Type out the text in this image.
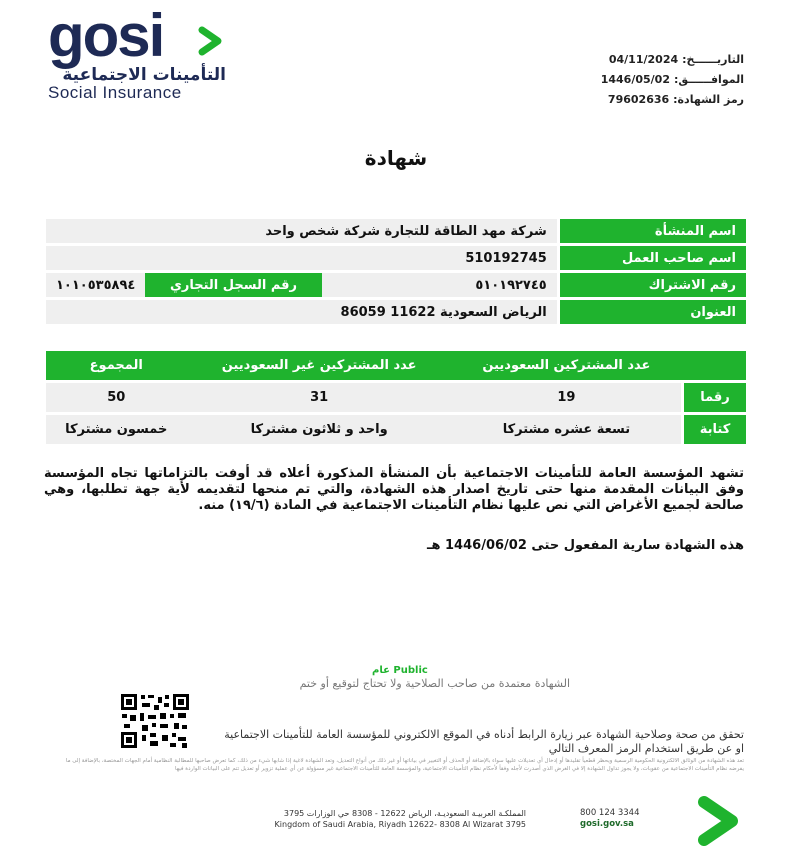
gosi
التأمينات الاجتماعية
Social Insurance
التاريــــــخ:
04/11/2024
الموافــــــق:
1446/05/02
رمز الشهادة:
79602636
شهادة
اسم المنشأة	شركة مهد الطاقة للتجارة شركة شخص واحد		
اسم صاحب العمل	510192745		
رقم الاشتراك	٥١٠١٩٢٧٤٥	رقم السجل التجاري	١٠١٠٥٣٥٨٩٤
العنوان	الرياض السعودية 11622 86059		
	عدد المشتركين السعوديين	عدد المشتركين غير السعوديين	المجموع
رقما	19	31	50
كتابة	تسعة عشره مشتركا	واحد و ثلاثون مشتركا	خمسون مشتركا
تشهد المؤسسة العامة للتأمينات الاجتماعية بأن المنشأة المذكورة أعلاه قد أوفت بالتزاماتها تجاه المؤسسة وفق البيانات المقدمة منها حتى تاريخ اصدار هذه الشهادة، والتي تم منحها لتقديمه لأية جهة تطلبها، وهي صالحة لجميع الأغراض التي نص عليها نظام التأمينات الاجتماعية في المادة (١٩/٦) منه.
هذه الشهادة سارية المفعول حتى 1446/06/02 هـ
Public عام
الشهادة معتمدة من صاحب الصلاحية ولا تحتاج لتوقيع أو ختم
تحقق من صحة وصلاحية الشهادة عبر زيارة الرابط أدناه في الموقع الالكتروني للمؤسسة العامة للتأمينات الاجتماعية او عن طريق استخدام الرمز المعرف التالي
تعد هذه الشهادة من الوثائق الالكترونية الحكومية الرسمية ويحظر قطعياً تقليدها أو إدخال أي تعديلات عليها سواء بالإضافة أو الحذف أو التغيير في بياناتها أو غير ذلك من أنواع التعديل، وتعد الشهادة لاغية إذا شابها شيء من ذلك، كما تعرض صاحبها للمطالبة النظامية أمام الجهات المختصة، بالإضافة إلى ما يفرضه نظام التأمينات الاجتماعية من عقوبات، ولا يجوز تداول الشهادة إلا في الغرض الذي أصدرت لأجله وفقاً لأحكام نظام التأمينات الاجتماعية، والمؤسسة العامة للتأمينات الاجتماعية غير مسؤولة عن أي عملية تزوير أو تعديل تتم على البيانات الواردة فيها
المملكـة العربيـة السعوديـة، الرياض 12622 - 8308 حي الوزارات 3795
Kingdom of Saudi Arabia, Riyadh 12622- 8308 Al Wizarat 3795
800 124 3344
gosi.gov.sa
